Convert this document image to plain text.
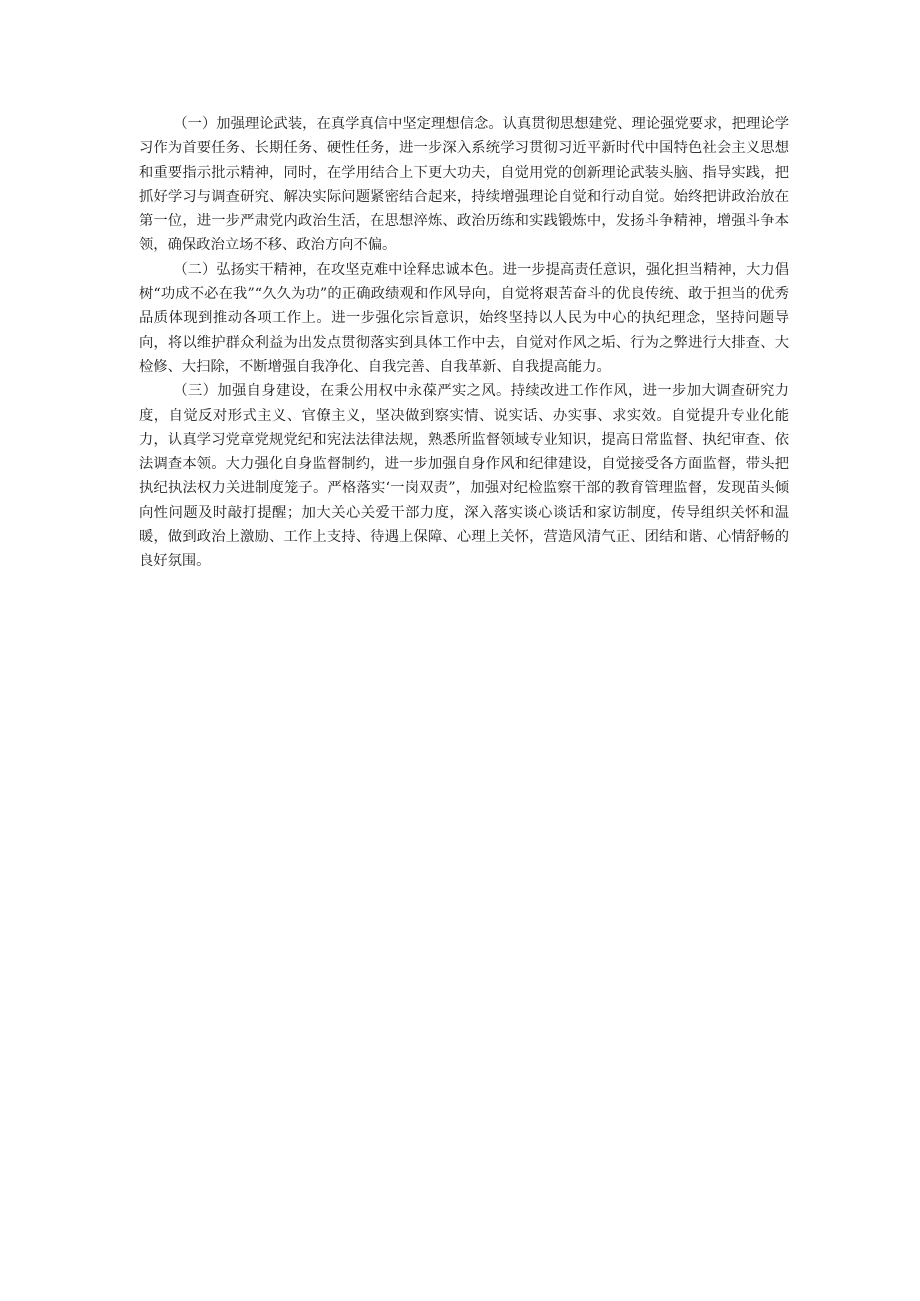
（一）加强理论武装，在真学真信中坚定理想信念。认真贯彻思想建党、理论强党要求，把理论学习作为首要任务、长期任务、硬性任务，进一步深入系统学习贯彻习近平新时代中国特色社会主义思想和重要指示批示精神，同时，在学用结合上下更大功夫，自觉用党的创新理论武装头脑、指导实践，把抓好学习与调查研究、解决实际问题紧密结合起来，持续增强理论自觉和行动自觉。始终把讲政治放在第一位，进一步严肃党内政治生活，在思想淬炼、政治历练和实践锻炼中，发扬斗争精神，增强斗争本领，确保政治立场不移、政治方向不偏。

（二）弘扬实干精神，在攻坚克难中诠释忠诚本色。进一步提高责任意识，强化担当精神，大力倡树“功成不必在我”“久久为功”的正确政绩观和作风导向，自觉将艰苦奋斗的优良传统、敢于担当的优秀品质体现到推动各项工作上。进一步强化宗旨意识，始终坚持以人民为中心的执纪理念，坚持问题导向，将以维护群众利益为出发点贯彻落实到具体工作中去，自觉对作风之垢、行为之弊进行大排查、大检修、大扫除，不断增强自我净化、自我完善、自我革新、自我提高能力。

（三）加强自身建设，在秉公用权中永葆严实之风。持续改进工作作风，进一步加大调查研究力度，自觉反对形式主义、官僚主义，坚决做到察实情、说实话、办实事、求实效。自觉提升专业化能力，认真学习党章党规党纪和宪法法律法规，熟悉所监督领域专业知识，提高日常监督、执纪审查、依法调查本领。大力强化自身监督制约，进一步加强自身作风和纪律建设，自觉接受各方面监督，带头把执纪执法权力关进制度笼子。严格落实‘一岗双责”，加强对纪检监察干部的教育管理监督，发现苗头倾向性问题及时敲打提醒；加大关心关爱干部力度，深入落实谈心谈话和家访制度，传导组织关怀和温暖，做到政治上激励、工作上支持、待遇上保障、心理上关怀，营造风清气正、团结和谐、心情舒畅的良好氛围。
